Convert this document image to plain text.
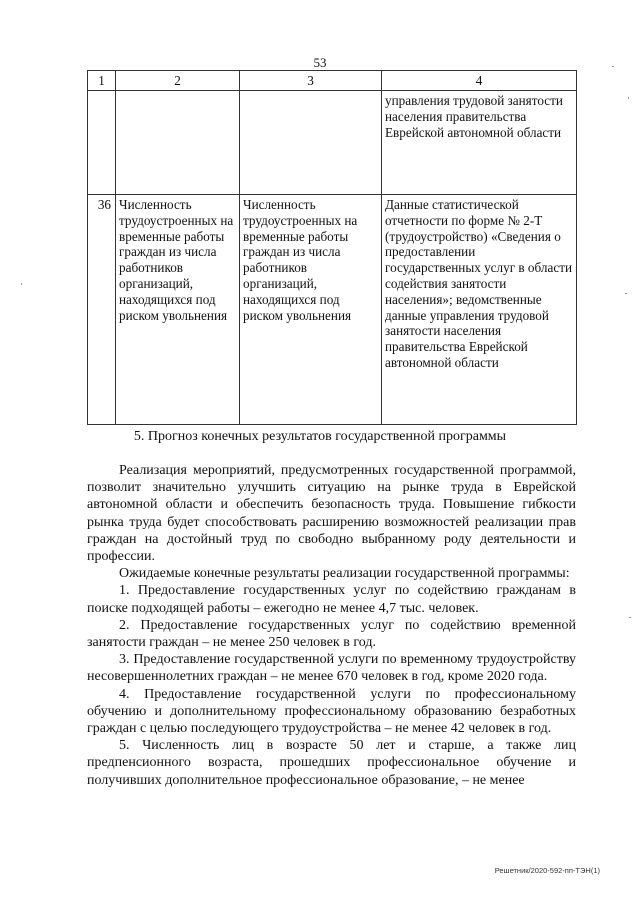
53
1	2	3	4

			управления трудовой занятости населения правительства Еврейской автономной области

36	Численность трудоустроенных на временные работы граждан из числа работников организаций, находящихся под риском увольнения	Численность трудоустроенных на временные работы граждан из числа работников организаций, находящихся под риском увольнения	Данные статистической отчетности по форме № 2-Т (трудоустройство) «Сведения о предоставлении государственных услуг в области содействия занятости населения»; ведомственные данные управления трудовой занятости населения правительства Еврейской автономной области
5. Прогноз конечных результатов государственной программы

Реализация мероприятий, предусмотренных государственной программой, позволит значительно улучшить ситуацию на рынке труда в Еврейской автономной области и обеспечить безопасность труда. Повышение гибкости рынка труда будет способствовать расширению возможностей реализации прав граждан на достойный труд по свободно выбранному роду деятельности и профессии.

Ожидаемые конечные результаты реализации государственной программы:

1. Предоставление государственных услуг по содействию гражданам в поиске подходящей работы – ежегодно не менее 4,7 тыс. человек.

2. Предоставление государственных услуг по содействию временной занятости граждан – не менее 250 человек в год.

3. Предоставление государственной услуги по временному трудоустройству несовершеннолетних граждан – не менее 670 человек в год, кроме 2020 года.

4. Предоставление государственной услуги по профессиональному обучению и дополнительному профессиональному образованию безработных граждан с целью последующего трудоустройства – не менее 42 человек в год.

5. Численность лиц в возрасте 50 лет и старше, а также лиц предпенсионного возраста, прошедших профессиональное обучение и получивших дополнительное профессиональное образование, – не менее

Решетник/2020-592-пп-ТЭН(1)
